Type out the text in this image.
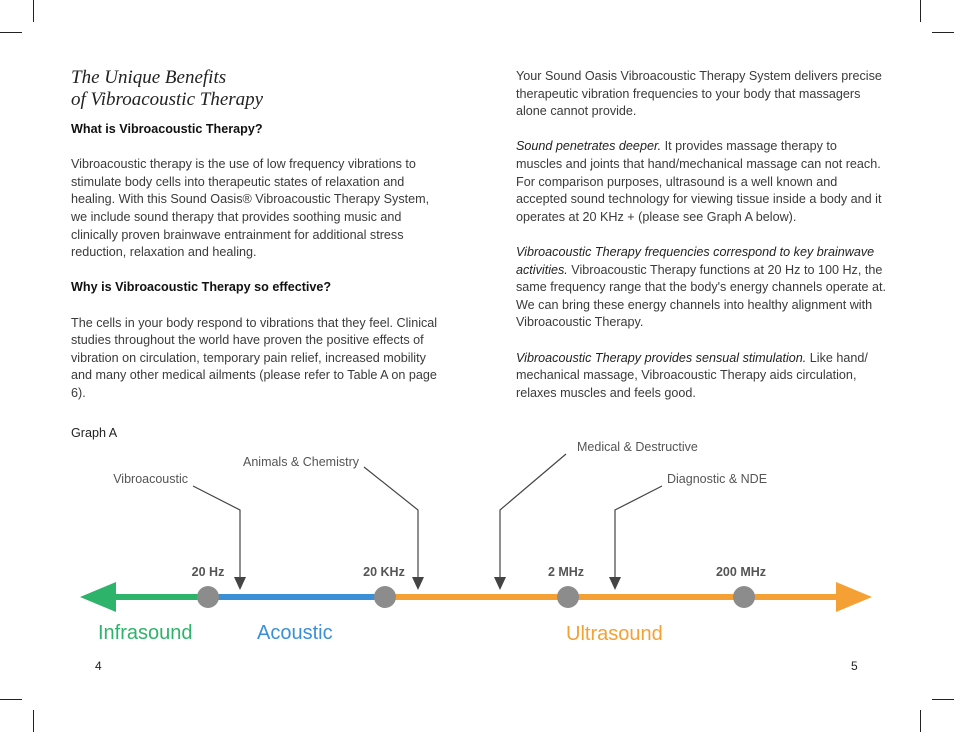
The Unique Benefits
of Vibroacoustic Therapy

What is Vibroacoustic Therapy?

Vibroacoustic therapy is the use of low frequency vibrations to stimulate body cells into therapeutic states of relaxation and healing. With this Sound Oasis® Vibroacoustic Therapy System, we include sound therapy that provides soothing music and clinically proven brainwave entrainment for additional stress reduction, relaxation and healing.

Why is Vibroacoustic Therapy so effective?

The cells in your body respond to vibrations that they feel. Clinical studies throughout the world have proven the positive effects of vibration on circulation, temporary pain relief, increased mobility and many other medical ailments (please refer to Table A on page 6).

Your Sound Oasis Vibroacoustic Therapy System delivers precise therapeutic vibration frequencies to your body that massagers alone cannot provide.

Sound penetrates deeper. It provides massage therapy to muscles and joints that hand/mechanical massage can not reach. For comparison purposes, ultrasound is a well known and accepted sound technology for viewing tissue inside a body and it operates at 20 KHz + (please see Graph A below).

Vibroacoustic Therapy frequencies correspond to key brainwave activities. Vibroacoustic Therapy functions at 20 Hz to 100 Hz, the same frequency range that the body's energy channels operate at. We can bring these energy channels into healthy alignment with Vibroacoustic Therapy.

Vibroacoustic Therapy provides sensual stimulation. Like hand/ mechanical massage, Vibroacoustic Therapy aids circulation, relaxes muscles and feels good.

Graph A
20 Hz	20 KHz	2 MHz	200 MHz
Vibroacoustic
Animals & Chemistry
Medical & Destructive
Diagnostic & NDE
Infrasound	Acoustic	Ultrasound
4	5
